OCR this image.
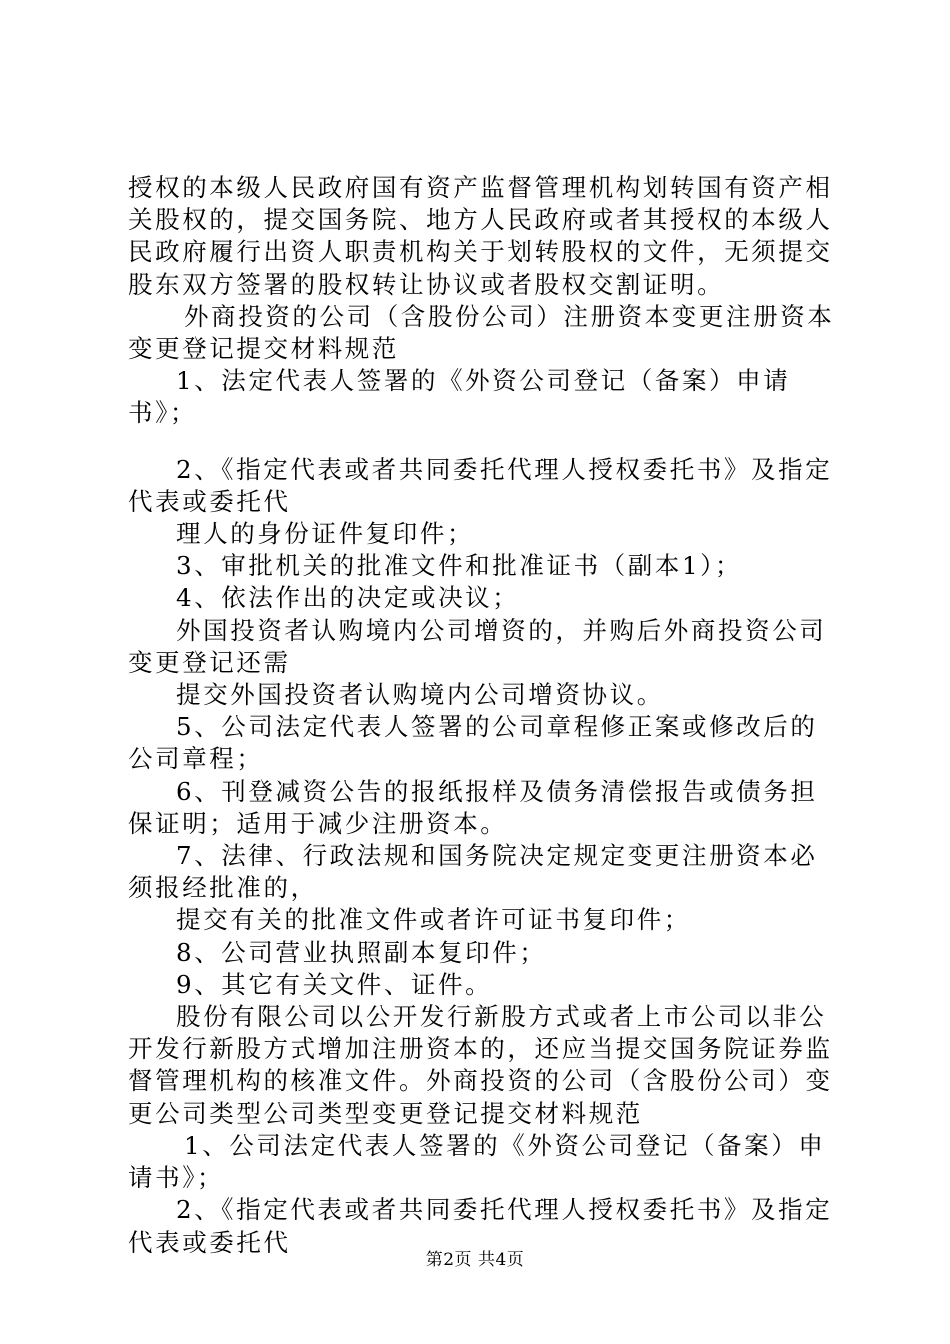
授权的本级人民政府国有资产监督管理机构划转国有资产相关股权的，提交国务院、地方人民政府或者其授权的本级人民政府履行出资人职责机构关于划转股权的文件，无须提交股东双方签署的股权转让协议或者股权交割证明。

外商投资的公司（含股份公司）注册资本变更注册资本变更登记提交材料规范

1、法定代表人签署的《外资公司登记（备案）申请书》；

2、《指定代表或者共同委托代理人授权委托书》及指定代表或委托代

理人的身份证件复印件；

3、审批机关的批准文件和批准证书（副本1）；

4、依法作出的决定或决议；

外国投资者认购境内公司增资的，并购后外商投资公司变更登记还需

提交外国投资者认购境内公司增资协议。

5、公司法定代表人签署的公司章程修正案或修改后的公司章程；

6、刊登减资公告的报纸报样及债务清偿报告或债务担保证明；适用于减少注册资本。

7、法律、行政法规和国务院决定规定变更注册资本必须报经批准的，

提交有关的批准文件或者许可证书复印件；

8、公司营业执照副本复印件；

9、其它有关文件、证件。

股份有限公司以公开发行新股方式或者上市公司以非公开发行新股方式增加注册资本的，还应当提交国务院证券监督管理机构的核准文件。外商投资的公司（含股份公司）变更公司类型公司类型变更登记提交材料规范

1、公司法定代表人签署的《外资公司登记（备案）申请书》；

2、《指定代表或者共同委托代理人授权委托书》及指定代表或委托代

第2页 共4页
